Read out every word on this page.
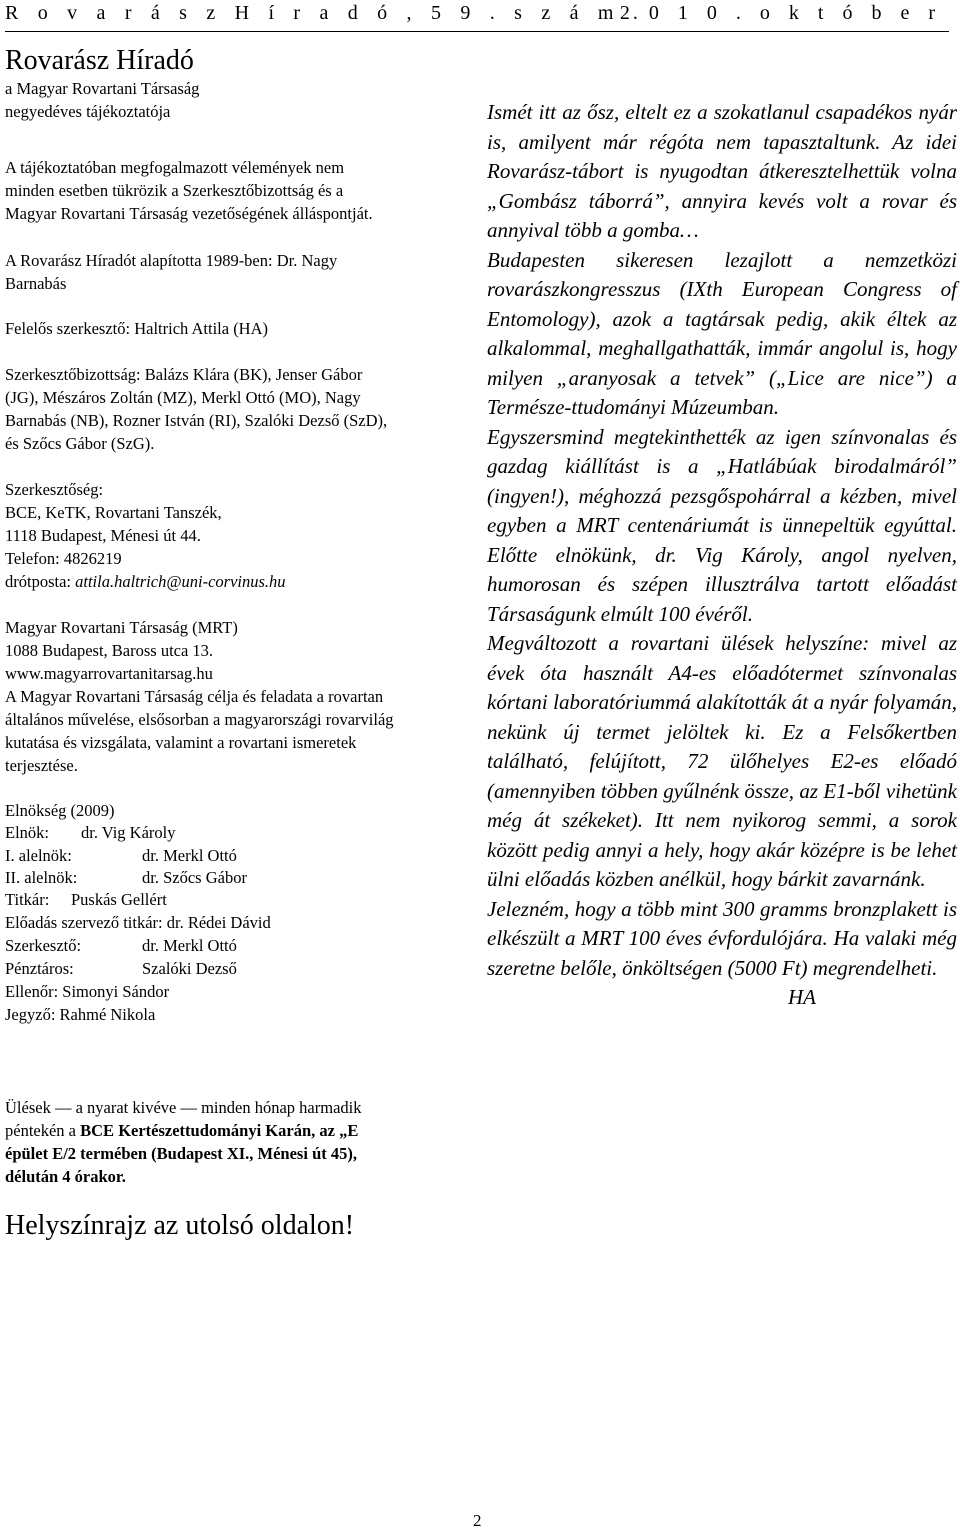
R o v a r á s z H í r a d ó , 5 9 . s z á m .
2 0 1 0 . o k t ó b e r
Rovarász Híradó
a Magyar Rovartani Társaság
negyedéves tájékoztatója
A tájékoztatóban megfogalmazott vélemények nem
minden esetben tükrözik a Szerkesztőbizottság és a
Magyar Rovartani Társaság vezetőségének álláspontját.
A Rovarász Híradót alapította 1989-ben: Dr. Nagy
Barnabás
Felelős szerkesztő: Haltrich Attila (HA)
Szerkesztőbizottság: Balázs Klára (BK), Jenser Gábor
(JG), Mészáros Zoltán (MZ), Merkl Ottó (MO), Nagy
Barnabás (NB), Rozner István (RI), Szalóki Dezső (SzD),
és Szőcs Gábor (SzG).
Szerkesztőség:
BCE, KeTK, Rovartani Tanszék,
1118 Budapest, Ménesi út 44.
Telefon: 4826219
drótposta: attila.haltrich@uni-corvinus.hu
Magyar Rovartani Társaság (MRT)
1088 Budapest, Baross utca 13.
www.magyarrovartanitarsag.hu
A Magyar Rovartani Társaság célja és feladata a rovartan
általános művelése, elsősorban a magyarországi rovarvilág
kutatása és vizsgálata, valamint a rovartani ismeretek
terjesztése.
Elnökség (2009)
Elnök: dr. Vig Károly
I. alelnök:	dr. Merkl Ottó
II. alelnök:	dr. Szőcs Gábor
Titkár: Puskás Gellért
Előadás szervező titkár: dr. Rédei Dávid
Szerkesztő:	dr. Merkl Ottó
Pénztáros:	Szalóki Dezső
Ellenőr: Simonyi Sándor
Jegyző: Rahmé Nikola
Ülések — a nyarat kivéve — minden hónap harmadik
péntekén a BCE Kertészettudományi Karán, az „E
épület E/2 termében (Budapest XI., Ménesi út 45),
délután 4 órakor.
Helyszínrajz az utolsó oldalon!

Ismét itt az ősz, eltelt ez a szokatlanul csapadékos nyár is, amilyent már régóta nem tapasztaltunk. Az idei Rovarász-tábort is nyugodtan átkeresztelhettük volna „Gombász táborrá”, annyira kevés volt a rovar és annyival több a gomba…

Budapesten sikeresen lezajlott a nemzetközi rovarászkongresszus (IXth European Congress of Entomology), azok a tagtársak pedig, akik éltek az alkalommal, meghallgathatták, immár angolul is, hogy milyen „aranyosak a tetvek” („Lice are nice”) a Természe-ttudományi Múzeumban.

Egyszersmind megtekinthették az igen színvonalas és gazdag kiállítást is a „Hatlábúak birodalmáról” (ingyen!), méghozzá pezsgőspohárral a kézben, mivel egyben a MRT centenáriumát is ünnepeltük egyúttal. Előtte elnökünk, dr. Vig Károly, angol nyelven, humorosan és szépen illusztrálva tartott előadást Társaságunk elmúlt 100 évéről.

Megváltozott a rovartani ülések helyszíne: mivel az évek óta használt A4-es előadótermet színvonalas kórtani laboratóriummá alakították át a nyár folyamán, nekünk új termet jelöltek ki. Ez a Felsőkertben található, felújított, 72 ülőhelyes E2-es előadó (amennyiben többen gyűlnénk össze, az E1-ből vihetünk még át székeket). Itt nem nyikorog semmi, a sorok között pedig annyi a hely, hogy akár középre is be lehet ülni előadás közben anélkül, hogy bárkit zavarnánk.

Jelezném, hogy a több mint 300 gramms bronzplakett is elkészült a MRT 100 éves évfordulójára. Ha valaki még szeretne belőle, önköltségen (5000 Ft) megrendelheti.

HA

2
